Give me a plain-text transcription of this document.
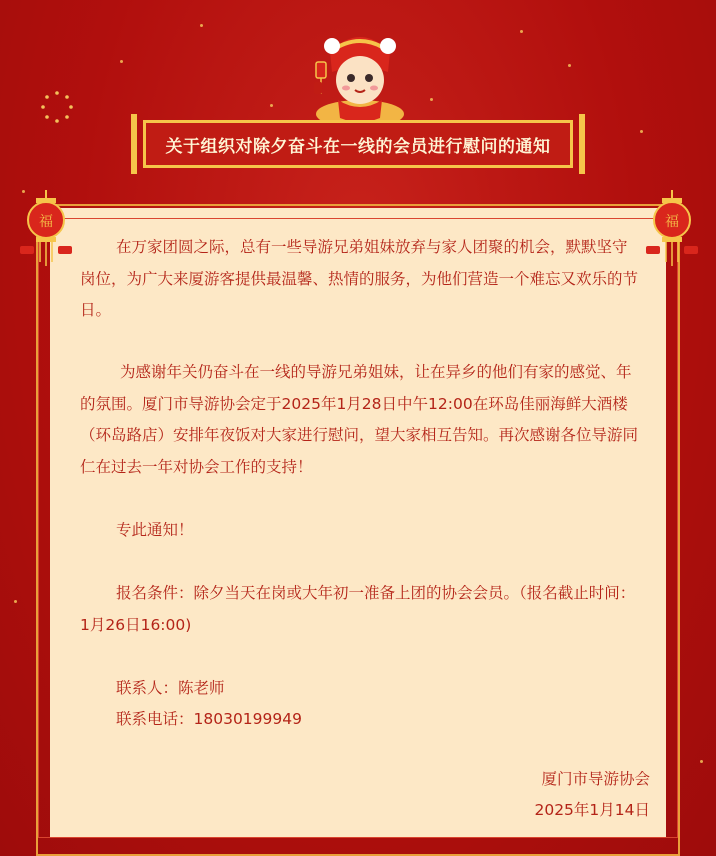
关于组织对除夕奋斗在一线的会员进行慰问的通知
福	福
在万家团圆之际，总有一些导游兄弟姐妹放弃与家人团聚的机会，默默坚守岗位，为广大来厦游客提供最温馨、热情的服务，为他们营造一个难忘又欢乐的节日。
为感谢年关仍奋斗在一线的导游兄弟姐妹，让在异乡的他们有家的感觉、年的氛围。厦门市导游协会定于2025年1月28日中午12:00在环岛佳丽海鲜大酒楼（环岛路店）安排年夜饭对大家进行慰问，望大家相互告知。再次感谢各位导游同仁在过去一年对协会工作的支持！
专此通知！
报名条件：除夕当天在岗或大年初一准备上团的协会会员。（报名截止时间：1月26日16:00)
联系人：陈老师
联系电话：18030199949
厦门市导游协会
2025年1月14日
